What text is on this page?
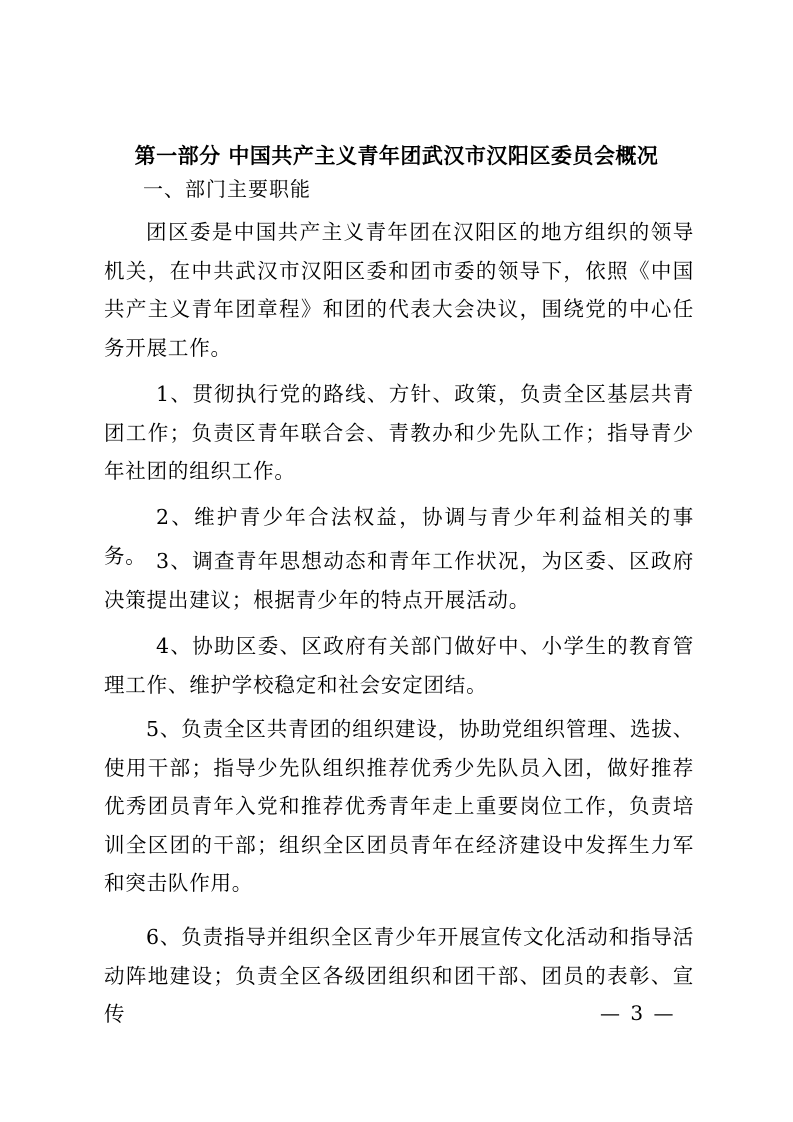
第一部分 中国共产主义青年团武汉市汉阳区委员会概况
一、部门主要职能
团区委是中国共产主义青年团在汉阳区的地方组织的领导机关，在中共武汉市汉阳区委和团市委的领导下，依照《中国共产主义青年团章程》和团的代表大会决议，围绕党的中心任务开展工作。
1、贯彻执行党的路线、方针、政策，负责全区基层共青团工作；负责区青年联合会、青教办和少先队工作；指导青少年社团的组织工作。
2、维护青少年合法权益，协调与青少年利益相关的事务。 3、调查青年思想动态和青年工作状况，为区委、区政府决策提出建议；根据青少年的特点开展活动。
4、协助区委、区政府有关部门做好中、小学生的教育管理工作、维护学校稳定和社会安定团结。
5、负责全区共青团的组织建设，协助党组织管理、选拔、使用干部；指导少先队组织推荐优秀少先队员入团，做好推荐优秀团员青年入党和推荐优秀青年走上重要岗位工作，负责培训全区团的干部；组织全区团员青年在经济建设中发挥生力军和突击队作用。
6、负责指导并组织全区青少年开展宣传文化活动和指导活动阵地建设；负责全区各级团组织和团干部、团员的表彰、宣传	— 3 —
